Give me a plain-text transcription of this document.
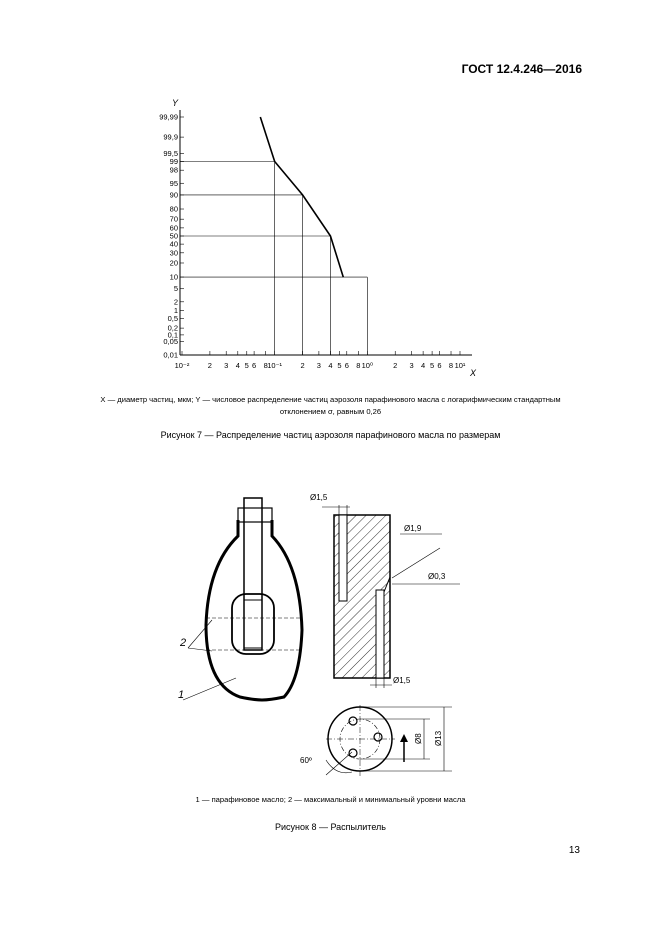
ГОСТ 12.4.246—2016
99,99
99,9
99,5
99
98
95
90
80
70
60
50
40
30
20
10
5
2
1
0,5
0,2
0,1
0,05
0,01
10⁻² 2 3 4 5 6 8 10⁻¹ 2 3 4 5 6 8 10⁰	2 3 4 5 6 8 10¹
Y
X
X — диаметр частиц, мкм; Y — числовое распределение частиц аэрозоля парафинового масла с логарифмическим стандартным
отклонением σ, равным 0,26
Рисунок 7 — Распределение частиц аэрозоля парафинового масла по размерам
2
1
Ø1,5
Ø1,5
Ø1,9
Ø0,3
60º
Ø8 Ø13
1 — парафиновое масло; 2 — максимальный и минимальный уровни масла
Рисунок 8 — Распылитель
13
